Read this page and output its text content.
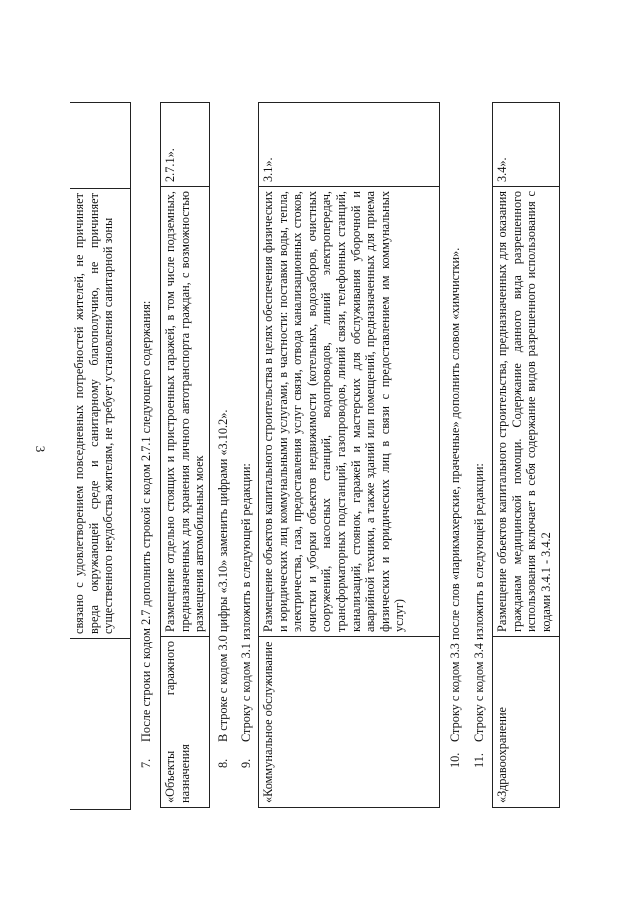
3 связано с удовлетворением повседневных потребностей жителей, не причиняет вреда окружающей среде и санитарному благополучию, не причиняет существенного неудобства жителям, не требует установления санитарной зоны
7.
После строки с кодом 2.7 дополнить строкой с кодом 2.7.1 следующего содержания: «Объекты гаражного назначения
Размещение отдельно стоящих и пристроенных гаражей, в том числе подземных, предназначенных для хранения личного автотранспорта граждан, с возможностью размещения автомобильных моек
2.7.1».
8.
В строке с кодом 3.0 цифры «3.10» заменить цифрами «3.10.2».
9.
Строку с кодом 3.1 изложить в следующей редакции: «Коммунальное обслуживание
Размещение объектов капитального строительства в целях обеспечения физических и юридических лиц коммунальными услугами, в частности: поставки воды, тепла, электричества, газа, предоставления услуг связи, отвода канализационных стоков, очистки и уборки объектов недвижимости (котельных, водозаборов, очистных сооружений, насосных станций, водопроводов, линий электропередач, трансформаторных подстанций, газопроводов, линий связи, телефонных станций, канализаций, стоянок, гаражей и мастерских для обслуживания уборочной и аварийной техники, а также зданий или помещений, предназначенных для приема физических и юридических лиц в связи с предоставлением им коммунальных услуг)
3.1».
10.
Строку с кодом 3.3 после слов «парикмахерские, прачечные» дополнить словом «химчистки».
11.
Строку с кодом 3.4 изложить в следующей редакции:
«Здравоохранение
Размещение объектов капитального строительства, предназначенных для оказания гражданам медицинской помощи. Содержание данного вида разрешенного использования включает в себя содержание видов разрешенного использования с кодами 3.4.1 - 3.4.2
3.4».
